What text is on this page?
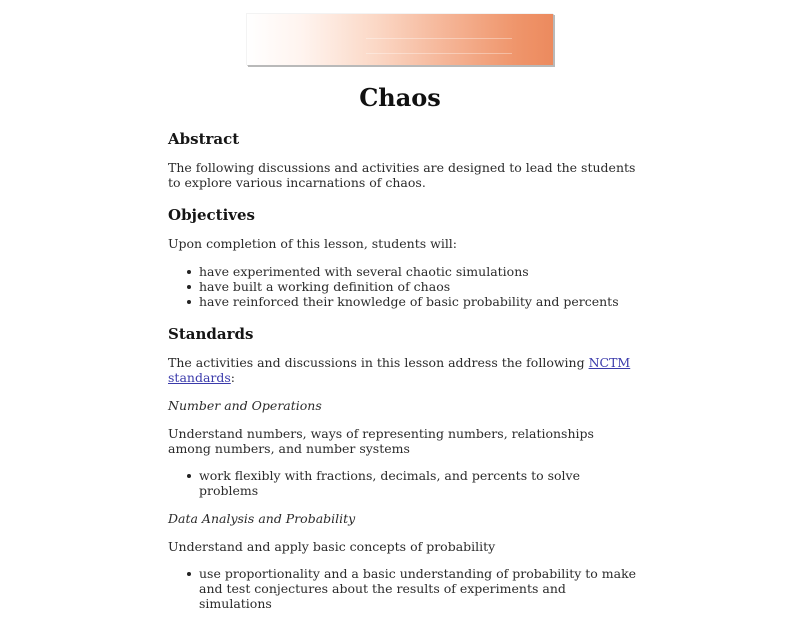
Chaos
Abstract

The following discussions and activities are designed to lead the students to explore various incarnations of chaos.

Objectives

Upon completion of this lesson, students will:

have experimented with several chaotic simulations
have built a working definition of chaos
have reinforced their knowledge of basic probability and percents
Standards

The activities and discussions in this lesson address the following NCTM standards:

Number and Operations

Understand numbers, ways of representing numbers, relationships among numbers, and number systems

work flexibly with fractions, decimals, and percents to solve problems

Data Analysis and Probability

Understand and apply basic concepts of probability

use proportionality and a basic understanding of probability to make and test conjectures about the results of experiments and simulations
